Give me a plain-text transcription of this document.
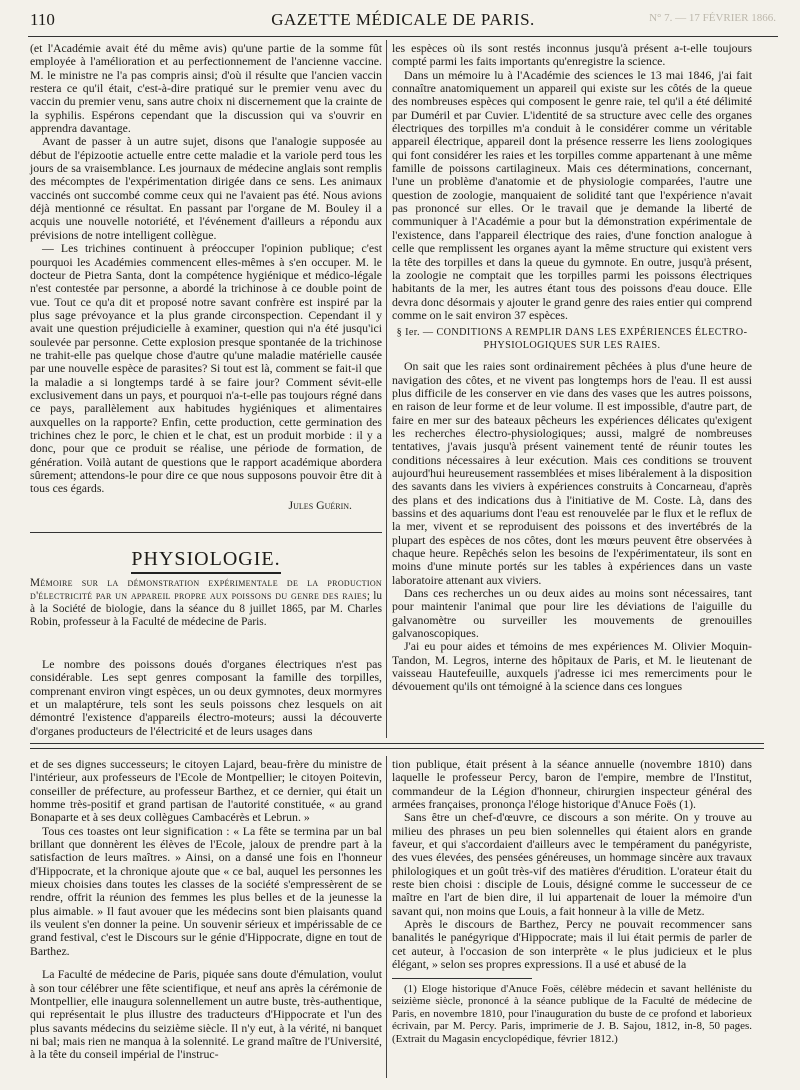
110	GAZETTE MÉDICALE DE PARIS.	N° 7. — 17 FÉVRIER 1866.

(et l'Académie avait été du même avis) qu'une partie de la somme fût employée à l'amélioration et au perfectionnement de l'ancienne vaccine. M. le ministre ne l'a pas compris ainsi; d'où il résulte que l'ancien vaccin restera ce qu'il était, c'est-à-dire pratiqué sur le premier venu avec du vaccin du premier venu, sans autre choix ni discernement que la crainte de la syphilis. Espérons cependant que la discussion qui va s'ouvrir en apprendra davantage.

Avant de passer à un autre sujet, disons que l'analogie supposée au début de l'épizootie actuelle entre cette maladie et la variole perd tous les jours de sa vraisemblance. Les journaux de médecine anglais sont remplis des mécomptes de l'expérimentation dirigée dans ce sens. Les animaux vaccinés ont succombé comme ceux qui ne l'avaient pas été. Nous avions déjà mentionné ce résultat. En passant par l'organe de M. Bouley il a acquis une nouvelle notoriété, et l'événement d'ailleurs a répondu aux prévisions de notre intelligent collègue.

— Les trichines continuent à préoccuper l'opinion publique; c'est pourquoi les Académies commencent elles-mêmes à s'en occuper. M. le docteur de Pietra Santa, dont la compétence hygiénique et médico-légale n'est contestée par personne, a abordé la trichinose à ce double point de vue. Tout ce qu'a dit et proposé notre savant confrère est inspiré par la plus sage prévoyance et la plus grande circonspection. Cependant il y avait une question préjudicielle à examiner, question qui n'a été jusqu'ici soulevée par personne. Cette explosion presque spontanée de la trichinose ne trahit-elle pas quelque chose d'autre qu'une maladie matérielle causée par une nouvelle espèce de parasites? Si tout est là, comment se fait-il que la maladie a si longtemps tardé à se faire jour? Comment sévit-elle exclusivement dans un pays, et pourquoi n'a-t-elle pas toujours régné dans ce pays, parallèlement aux habitudes hygiéniques et alimentaires auxquelles on la rapporte? Enfin, cette production, cette germination des trichines chez le porc, le chien et le chat, est un produit morbide : il y a donc, pour que ce produit se réalise, une période de formation, de génération. Voilà autant de questions que le rapport académique abordera sûrement; attendons-le pour dire ce que nous supposons pouvoir être dit à tous ces égards.

Jules Guérin.
PHYSIOLOGIE.
Mémoire sur la démonstration expérimentale de la production d'électricité par un appareil propre aux poissons du genre des raies; lu à la Société de biologie, dans la séance du 8 juillet 1865, par M. Charles Robin, professeur à la Faculté de médecine de Paris.

Le nombre des poissons doués d'organes électriques n'est pas considérable. Les sept genres composant la famille des torpilles, comprenant environ vingt espèces, un ou deux gymnotes, deux mormyres et un malaptérure, tels sont les seuls poissons chez lesquels on ait démontré l'existence d'appareils électro-moteurs; aussi la découverte d'organes producteurs de l'électricité et de leurs usages dans

les espèces où ils sont restés inconnus jusqu'à présent a-t-elle toujours compté parmi les faits importants qu'enregistre la science.

Dans un mémoire lu à l'Académie des sciences le 13 mai 1846, j'ai fait connaître anatomiquement un appareil qui existe sur les côtés de la queue des nombreuses espèces qui composent le genre raie, tel qu'il a été délimité par Duméril et par Cuvier. L'identité de sa structure avec celle des organes électriques des torpilles m'a conduit à le considérer comme un véritable appareil électrique, appareil dont la présence resserre les liens zoologiques qui font considérer les raies et les torpilles comme appartenant à une même famille de poissons cartilagineux. Mais ces déterminations, concernant, l'une un problème d'anatomie et de physiologie comparées, l'autre une question de zoologie, manquaient de solidité tant que l'expérience n'avait pas prononcé sur elles. Or le travail que je demande la liberté de communiquer à l'Académie a pour but la démonstration expérimentale de l'existence, dans l'appareil électrique des raies, d'une fonction analogue à celle que remplissent les organes ayant la même structure qui existent vers la tête des torpilles et dans la queue du gymnote. En outre, jusqu'à présent, la zoologie ne comptait que les torpilles parmi les poissons électriques habitants de la mer, les autres étant tous des poissons d'eau douce. Elle devra donc désormais y ajouter le grand genre des raies entier qui comprend comme on le sait environ 37 espèces.

§ Ier. — CONDITIONS A REMPLIR DANS LES EXPÉRIENCES ÉLECTRO-
PHYSIOLOGIQUES SUR LES RAIES.

On sait que les raies sont ordinairement pêchées à plus d'une heure de navigation des côtes, et ne vivent pas longtemps hors de l'eau. Il est aussi plus difficile de les conserver en vie dans des vases que les autres poissons, en raison de leur forme et de leur volume. Il est impossible, d'autre part, de faire en mer sur des bateaux pêcheurs les expériences délicates qu'exigent les recherches électro-physiologiques; aussi, malgré de nombreuses tentatives, j'avais jusqu'à présent vainement tenté de réunir toutes les conditions nécessaires à leur exécution. Mais ces conditions se trouvent aujourd'hui heureusement rassemblées et mises libéralement à la disposition des savants dans les viviers à expériences construits à Concarneau, d'après des plans et des indications dus à l'initiative de M. Coste. Là, dans des bassins et des aquariums dont l'eau est renouvelée par le flux et le reflux de la mer, vivent et se reproduisent des poissons et des invertébrés de la plupart des espèces de nos côtes, dont les mœurs peuvent être observées à chaque heure. Repêchés selon les besoins de l'expérimentateur, ils sont en moins d'une minute portés sur les tables à expériences dans un vaste laboratoire attenant aux viviers.

Dans ces recherches un ou deux aides au moins sont nécessaires, tant pour maintenir l'animal que pour lire les déviations de l'aiguille du galvanomètre ou surveiller les mouvements de grenouilles galvanoscopiques.

J'ai eu pour aides et témoins de mes expériences M. Olivier Moquin-Tandon, M. Legros, interne des hôpitaux de Paris, et M. le lieutenant de vaisseau Hautefeuille, auxquels j'adresse ici mes remerciments pour le dévouement qu'ils ont témoigné à la science dans ces longues

et de ses dignes successeurs; le citoyen Lajard, beau-frère du ministre de l'intérieur, aux professeurs de l'Ecole de Montpellier; le citoyen Poitevin, conseiller de préfecture, au professeur Barthez, et ce dernier, qui était un homme très-positif et grand partisan de l'autorité constituée, « au grand Bonaparte et à ses deux collègues Cambacérès et Lebrun. »

Tous ces toastes ont leur signification : « La fête se termina par un bal brillant que donnèrent les élèves de l'Ecole, jaloux de prendre part à la satisfaction de leurs maîtres. » Ainsi, on a dansé une fois en l'honneur d'Hippocrate, et la chronique ajoute que « ce bal, auquel les personnes les mieux choisies dans toutes les classes de la société s'empressèrent de se rendre, offrit la réunion des femmes les plus belles et de la jeunesse la plus aimable. » Il faut avouer que les médecins sont bien plaisants quand ils veulent s'en donner la peine. Un souvenir sérieux et impérissable de ce grand festival, c'est le Discours sur le génie d'Hippocrate, digne en tout de Barthez.

La Faculté de médecine de Paris, piquée sans doute d'émulation, voulut à son tour célébrer une fête scientifique, et neuf ans après la cérémonie de Montpellier, elle inaugura solennellement un autre buste, très-authentique, qui représentait le plus illustre des traducteurs d'Hippocrate et l'un des plus savants médecins du seizième siècle. Il n'y eut, à la vérité, ni banquet ni bal; mais rien ne manqua à la solennité. Le grand maître de l'Université, à la tête du conseil impérial de l'instruc-

tion publique, était présent à la séance annuelle (novembre 1810) dans laquelle le professeur Percy, baron de l'empire, membre de l'Institut, commandeur de la Légion d'honneur, chirurgien inspecteur général des armées françaises, prononça l'éloge historique d'Anuce Foës (1).

Sans être un chef-d'œuvre, ce discours a son mérite. On y trouve au milieu des phrases un peu bien solennelles qui étaient alors en grande faveur, et qui s'accordaient d'ailleurs avec le tempérament du panégyriste, des vues élevées, des pensées généreuses, un hommage sincère aux travaux philologiques et un goût très-vif des matières d'érudition. L'orateur était du reste bien choisi : disciple de Louis, désigné comme le successeur de ce maître en l'art de bien dire, il lui appartenait de louer la mémoire d'un savant qui, non moins que Louis, a fait honneur à la ville de Metz.

Après le discours de Barthez, Percy ne pouvait recommencer sans banalités le panégyrique d'Hippocrate; mais il lui était permis de parler de cet auteur, à l'occasion de son interprète « le plus judicieux et le plus élégant, » selon ses propres expressions. Il a usé et abusé de la

(1) Eloge historique d'Anuce Foës, célèbre médecin et savant helléniste du seizième siècle, prononcé à la séance publique de la Faculté de médecine de Paris, en novembre 1810, pour l'inauguration du buste de ce profond et laborieux écrivain, par M. Percy. Paris, imprimerie de J. B. Sajou, 1812, in-8, 50 pages. (Extrait du Magasin encyclopédique, février 1812.)
